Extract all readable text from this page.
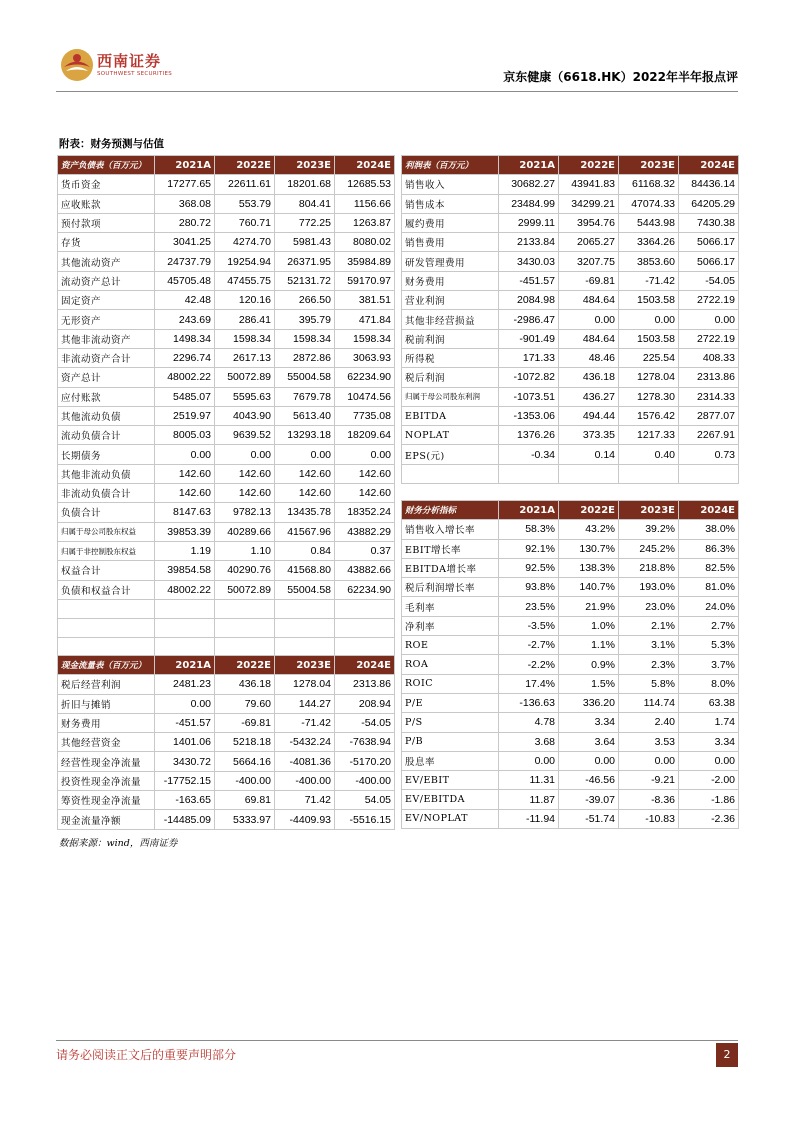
西南证券
SOUTHWEST SECURITIES	京东健康（6618.HK）2022年半年报点评
附表：财务预测与估值
资产负债表（百万元）	2021A	2022E	2023E	2024E
货币资金	17277.65	22611.61	18201.68	12685.53
应收账款	368.08	553.79	804.41	1156.66
预付款项	280.72	760.71	772.25	1263.87
存货	3041.25	4274.70	5981.43	8080.02
其他流动资产	24737.79	19254.94	26371.95	35984.89
流动资产总计	45705.48	47455.75	52131.72	59170.97
固定资产	42.48	120.16	266.50	381.51
无形资产	243.69	286.41	395.79	471.84
其他非流动资产	1498.34	1598.34	1598.34	1598.34
非流动资产合计	2296.74	2617.13	2872.86	3063.93
资产总计	48002.22	50072.89	55004.58	62234.90
应付账款	5485.07	5595.63	7679.78	10474.56
其他流动负债	2519.97	4043.90	5613.40	7735.08
流动负债合计	8005.03	9639.52	13293.18	18209.64
长期债务	0.00	0.00	0.00	0.00
其他非流动负债	142.60	142.60	142.60	142.60
非流动负债合计	142.60	142.60	142.60	142.60
负债合计	8147.63	9782.13	13435.78	18352.24
归属于母公司股东权益	39853.39	40289.66	41567.96	43882.29
归属于非控制股东权益	1.19	1.10	0.84	0.37
权益合计	39854.58	40290.76	41568.80	43882.66
负债和权益合计	48002.22	50072.89	55004.58	62234.90

利润表（百万元）	2021A	2022E	2023E	2024E
销售收入	30682.27	43941.83	61168.32	84436.14
销售成本	23484.99	34299.21	47074.33	64205.29
履约费用	2999.11	3954.76	5443.98	7430.38
销售费用	2133.84	2065.27	3364.26	5066.17
研发管理费用	3430.03	3207.75	3853.60	5066.17
财务费用	-451.57	-69.81	-71.42	-54.05
营业利润	2084.98	484.64	1503.58	2722.19
其他非经营损益	-2986.47	0.00	0.00	0.00
税前利润	-901.49	484.64	1503.58	2722.19
所得税	171.33	48.46	225.54	408.33
税后利润	-1072.82	436.18	1278.04	2313.86
归属于母公司股东利润	-1073.51	436.27	1278.30	2314.33
EBITDA	-1353.06	494.44	1576.42	2877.07
NOPLAT	1376.26	373.35	1217.33	2267.91
EPS(元)	-0.34	0.14	0.40	0.73

财务分析指标	2021A	2022E	2023E	2024E
销售收入增长率	58.3%	43.2%	39.2%	38.0%
EBIT增长率	92.1%	130.7%	245.2%	86.3%
EBITDA增长率	92.5%	138.3%	218.8%	82.5%
税后利润增长率	93.8%	140.7%	193.0%	81.0%
毛利率	23.5%	21.9%	23.0%	24.0%
净利率	-3.5%	1.0%	2.1%	2.7%
ROE	-2.7%	1.1%	3.1%	5.3%
ROA	-2.2%	0.9%	2.3%	3.7%
ROIC	17.4%	1.5%	5.8%	8.0%
P/E	-136.63	336.20	114.74	63.38
P/S	4.78	3.34	2.40	1.74
P/B	3.68	3.64	3.53	3.34
股息率	0.00	0.00	0.00	0.00
EV/EBIT	11.31	-46.56	-9.21	-2.00
EV/EBITDA	11.87	-39.07	-8.36	-1.86
EV/NOPLAT	-11.94	-51.74	-10.83	-2.36
现金流量表（百万元）	2021A	2022E	2023E	2024E
税后经营利润	2481.23	436.18	1278.04	2313.86
折旧与摊销	0.00	79.60	144.27	208.94
财务费用	-451.57	-69.81	-71.42	-54.05
其他经营资金	1401.06	5218.18	-5432.24	-7638.94
经营性现金净流量	3430.72	5664.16	-4081.36	-5170.20
投资性现金净流量	-17752.15	-400.00	-400.00	-400.00
筹资性现金净流量	-163.65	69.81	71.42	54.05
现金流量净额	-14485.09	5333.97	-4409.93	-5516.15
数据来源：wind，西南证券
请务必阅读正文后的重要声明部分	2
